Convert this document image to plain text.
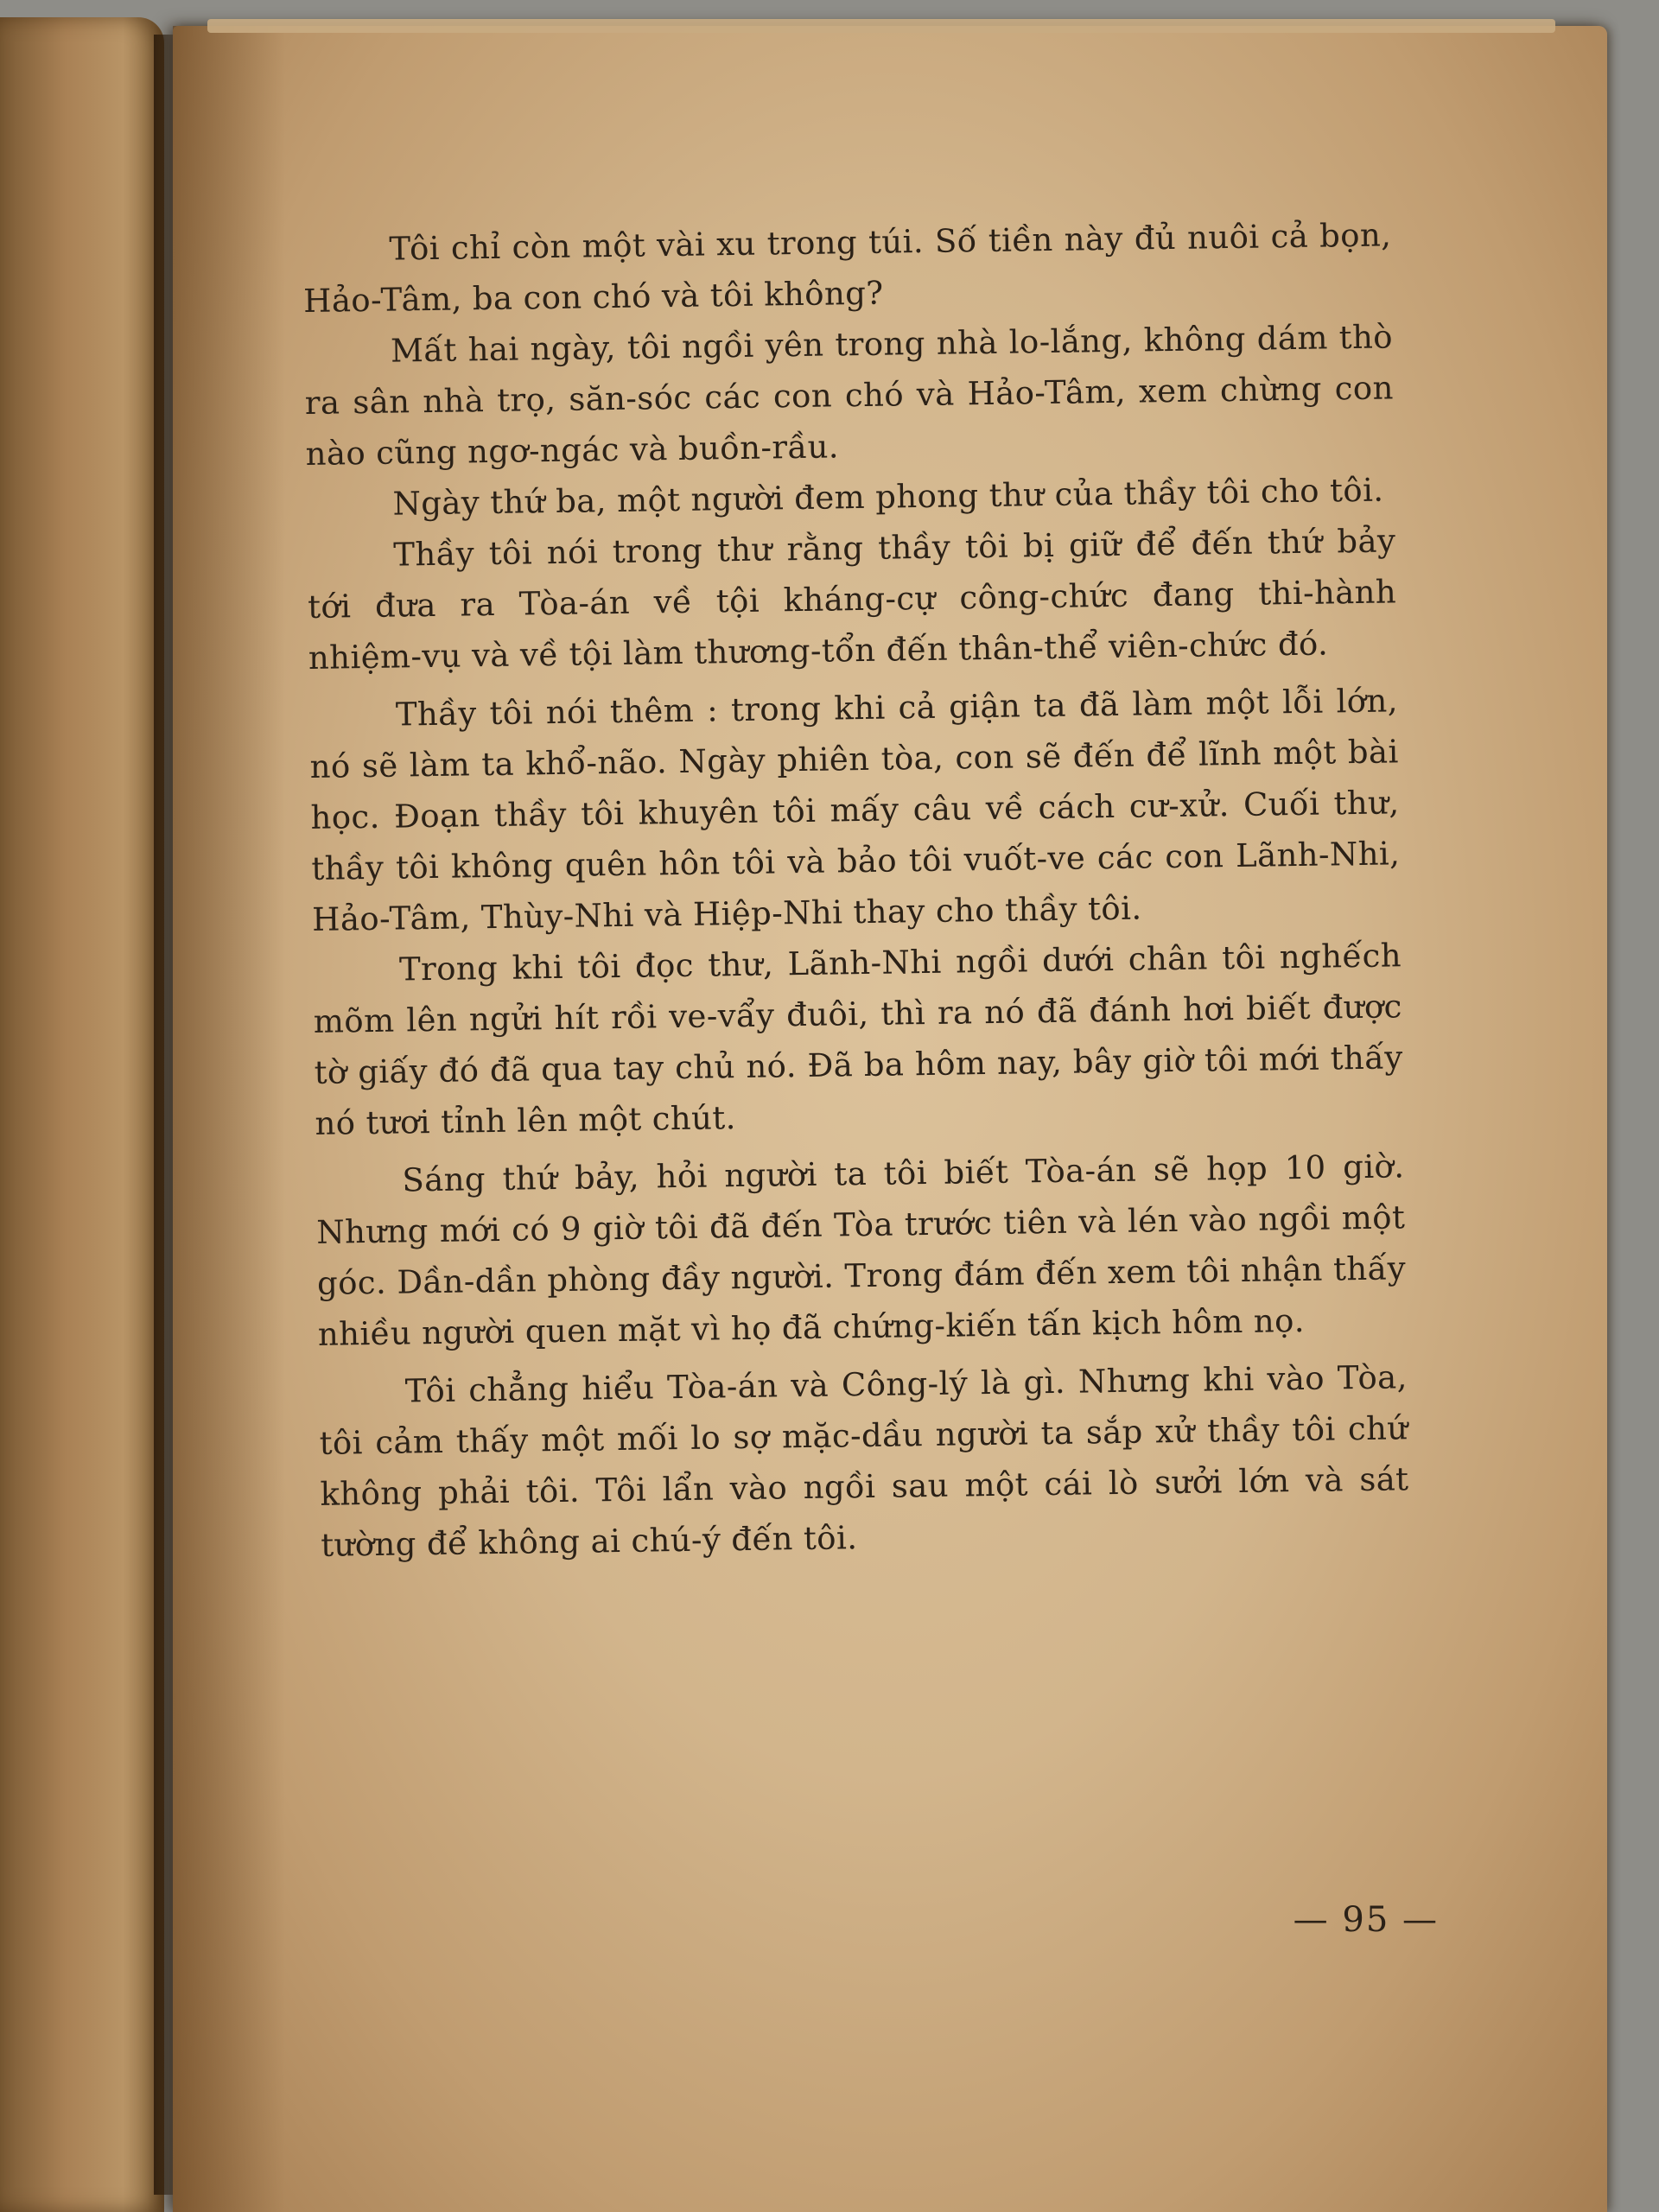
Tôi chỉ còn một vài xu trong túi. Số tiền này đủ nuôi cả bọn, Hảo-Tâm, ba con chó và tôi không?

Mất hai ngày, tôi ngồi yên trong nhà lo-lắng, không dám thò ra sân nhà trọ, săn-sóc các con chó và Hảo-Tâm, xem chừng con nào cũng ngơ-ngác và buồn-rầu.

Ngày thứ ba, một người đem phong thư của thầy tôi cho tôi.

Thầy tôi nói trong thư rằng thầy tôi bị giữ để đến thứ bảy tới đưa ra Tòa-án về tội kháng-cự công-chức đang thi-hành nhiệm-vụ và về tội làm thương-tổn đến thân-thể viên-chức đó.

Thầy tôi nói thêm : trong khi cả giận ta đã làm một lỗi lớn, nó sẽ làm ta khổ-não. Ngày phiên tòa, con sẽ đến để lĩnh một bài học. Đoạn thầy tôi khuyên tôi mấy câu về cách cư-xử. Cuối thư, thầy tôi không quên hôn tôi và bảo tôi vuốt-ve các con Lãnh-Nhi, Hảo-Tâm, Thùy-Nhi và Hiệp-Nhi thay cho thầy tôi.

Trong khi tôi đọc thư, Lãnh-Nhi ngồi dưới chân tôi nghếch mõm lên ngửi hít rồi ve-vẩy đuôi, thì ra nó đã đánh hơi biết được tờ giấy đó đã qua tay chủ nó. Đã ba hôm nay, bây giờ tôi mới thấy nó tươi tỉnh lên một chút.

Sáng thứ bảy, hỏi người ta tôi biết Tòa-án sẽ họp 10 giờ. Nhưng mới có 9 giờ tôi đã đến Tòa trước tiên và lén vào ngồi một góc. Dần-dần phòng đầy người. Trong đám đến xem tôi nhận thấy nhiều người quen mặt vì họ đã chứng-kiến tấn kịch hôm nọ.

Tôi chẳng hiểu Tòa-án và Công-lý là gì. Nhưng khi vào Tòa, tôi cảm thấy một mối lo sợ mặc-dầu người ta sắp xử thầy tôi chứ không phải tôi. Tôi lẩn vào ngồi sau một cái lò sưởi lớn và sát tường để không ai chú-ý đến tôi.

— 95 —
